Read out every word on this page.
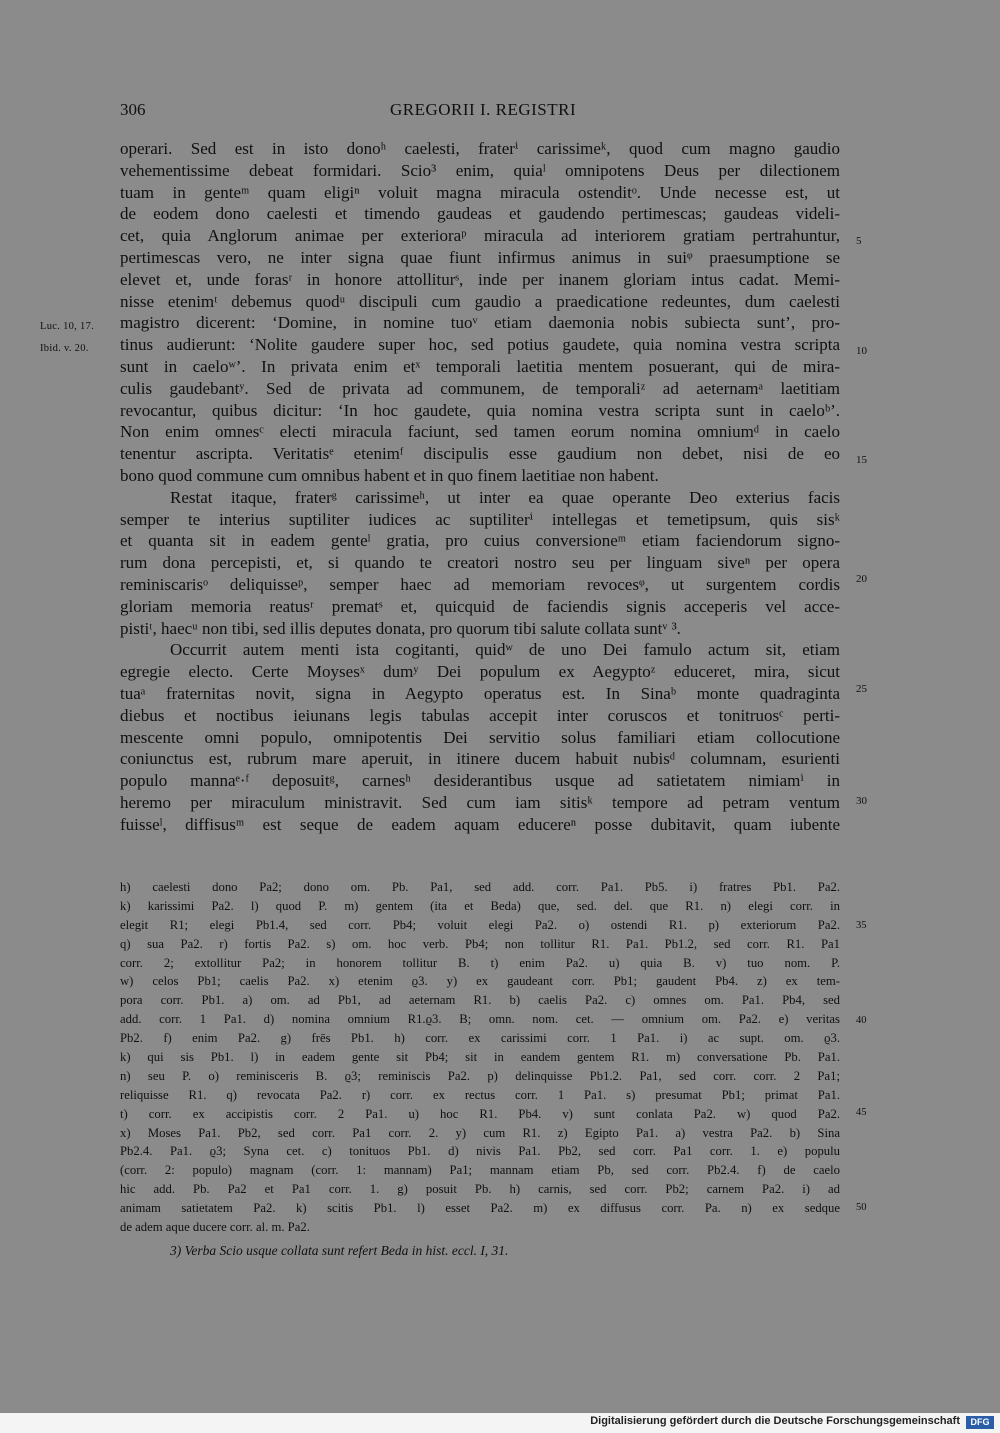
306	GREGORII I. REGISTRI
operari. Sed est in isto donoʰ caelesti, fraterⁱ carissimeᵏ, quod cum magno gaudio
vehementissime debeat formidari. Scio³ enim, quiaˡ omnipotens Deus per dilectionem
tuam in genteᵐ quam eligiⁿ voluit magna miracula ostenditᵒ. Unde necesse est, ut
de eodem dono caelesti et timendo gaudeas et gaudendo pertimescas; gaudeas videli-
cet, quia Anglorum animae per exterioraᵖ miracula ad interiorem gratiam pertrahuntur,
pertimescas vero, ne inter signa quae fiunt infirmus animus in suiᵠ praesumptione se
elevet et, unde forasʳ in honore attolliturˢ, inde per inanem gloriam intus cadat. Memi-
nisse etenimᵗ debemus quodᵘ discipuli cum gaudio a praedicatione redeuntes, dum caelesti
magistro dicerent: ‘Domine, in nomine tuoᵛ etiam daemonia nobis subiecta sunt’, pro-
tinus audierunt: ‘Nolite gaudere super hoc, sed potius gaudete, quia nomina vestra scripta
sunt in caeloʷ’. In privata enim etˣ temporali laetitia mentem posuerant, qui de mira-
culis gaudebantʸ. Sed de privata ad communem, de temporaliᶻ ad aeternamᵃ laetitiam
revocantur, quibus dicitur: ‘In hoc gaudete, quia nomina vestra scripta sunt in caeloᵇ’.
Non enim omnesᶜ electi miracula faciunt, sed tamen eorum nomina omniumᵈ in caelo
tenentur ascripta. Veritatisᵉ etenimᶠ discipulis esse gaudium non debet, nisi de eo
bono quod commune cum omnibus habent et in quo finem laetitiae non habent.
Restat itaque, fraterᵍ carissimeʰ, ut inter ea quae operante Deo exterius facis
semper te interius suptiliter iudices ac suptiliterⁱ intellegas et temetipsum, quis sisᵏ
et quanta sit in eadem genteˡ gratia, pro cuius conversioneᵐ etiam faciendorum signo-
rum dona percepisti, et, si quando te creatori nostro seu per linguam siveⁿ per opera
reminiscarisᵒ deliquisseᵖ, semper haec ad memoriam revocesᵠ, ut surgentem cordis
gloriam memoria reatusʳ prematˢ et, quicquid de faciendis signis acceperis vel acce-
pistiᵗ, haecᵘ non tibi, sed illis deputes donata, pro quorum tibi salute collata suntᵛ ³.
Occurrit autem menti ista cogitanti, quidʷ de uno Dei famulo actum sit, etiam
egregie electo. Certe Moysesˣ dumʸ Dei populum ex Aegyptoᶻ educeret, mira, sicut
tuaᵃ fraternitas novit, signa in Aegypto operatus est. In Sinaᵇ monte quadraginta
diebus et noctibus ieiunans legis tabulas accepit inter coruscos et tonitruosᶜ perti-
mescente omni populo, omnipotentis Dei servitio solus familiari etiam collocutione
coniunctus est, rubrum mare aperuit, in itinere ducem habuit nubisᵈ columnam, esurienti
populo mannaᵉ·ᶠ deposuitᵍ, carnesʰ desiderantibus usque ad satietatem nimiamⁱ in
heremo per miraculum ministravit. Sed cum iam sitisᵏ tempore ad petram ventum
fuisseˡ, diffisusᵐ est seque de eadem aquam educereⁿ posse dubitavit, quam iubente
Luc. 10, 17.
Ibid. v. 20.
5
10
15
20
25
30
h) caelesti dono Pa2; dono om. Pb. Pa1, sed add. corr. Pa1. Pb5. i) fratres Pb1. Pa2.
k) karissimi Pa2. l) quod P. m) gentem (ita et Beda) que, sed. del. que R1. n) elegi corr. in
elegit R1; elegi Pb1.4, sed corr. Pb4; voluit elegi Pa2. o) ostendi R1. p) exteriorum Pa2.
q) sua Pa2. r) fortis Pa2. s) om. hoc verb. Pb4; non tollitur R1. Pa1. Pb1.2, sed corr. R1. Pa1
corr. 2; extollitur Pa2; in honorem tollitur B. t) enim Pa2. u) quia B. v) tuo nom. P.
w) celos Pb1; caelis Pa2. x) etenim ϱ3. y) ex gaudeant corr. Pb1; gaudent Pb4. z) ex tem-
pora corr. Pb1. a) om. ad Pb1, ad aeternam R1. b) caelis Pa2. c) omnes om. Pa1. Pb4, sed
add. corr. 1 Pa1. d) nomina omnium R1.ϱ3. B; omn. nom. cet. — omnium om. Pa2. e) veritas
Pb2. f) enim Pa2. g) frēs Pb1. h) corr. ex carissimi corr. 1 Pa1. i) ac supt. om. ϱ3.
k) qui sis Pb1. l) in eadem gente sit Pb4; sit in eandem gentem R1. m) conversatione Pb. Pa1.
n) seu P. o) reminisceris B. ϱ3; reminiscis Pa2. p) delinquisse Pb1.2. Pa1, sed corr. corr. 2 Pa1;
reliquisse R1. q) revocata Pa2. r) corr. ex rectus corr. 1 Pa1. s) presumat Pb1; primat Pa1.
t) corr. ex accipistis corr. 2 Pa1. u) hoc R1. Pb4. v) sunt conlata Pa2. w) quod Pa2.
x) Moses Pa1. Pb2, sed corr. Pa1 corr. 2. y) cum R1. z) Egipto Pa1. a) vestra Pa2. b) Sina
Pb2.4. Pa1. ϱ3; Syna cet. c) tonituos Pb1. d) nivis Pa1. Pb2, sed corr. Pa1 corr. 1. e) populu
(corr. 2: populo) magnam (corr. 1: mannam) Pa1; mannam etiam Pb, sed corr. Pb2.4. f) de caelo
hic add. Pb. Pa2 et Pa1 corr. 1. g) posuit Pb. h) carnis, sed corr. Pb2; carnem Pa2. i) ad
animam satietatem Pa2. k) scitis Pb1. l) esset Pa2. m) ex diffusus corr. Pa. n) ex sedque
de adem aque ducere corr. al. m. Pa2.
35
40
45
50
3) Verba Scio usque collata sunt refert Beda in hist. eccl. I, 31.
Digitalisierung gefördert durch die Deutsche Forschungsgemeinschaft	DFG
